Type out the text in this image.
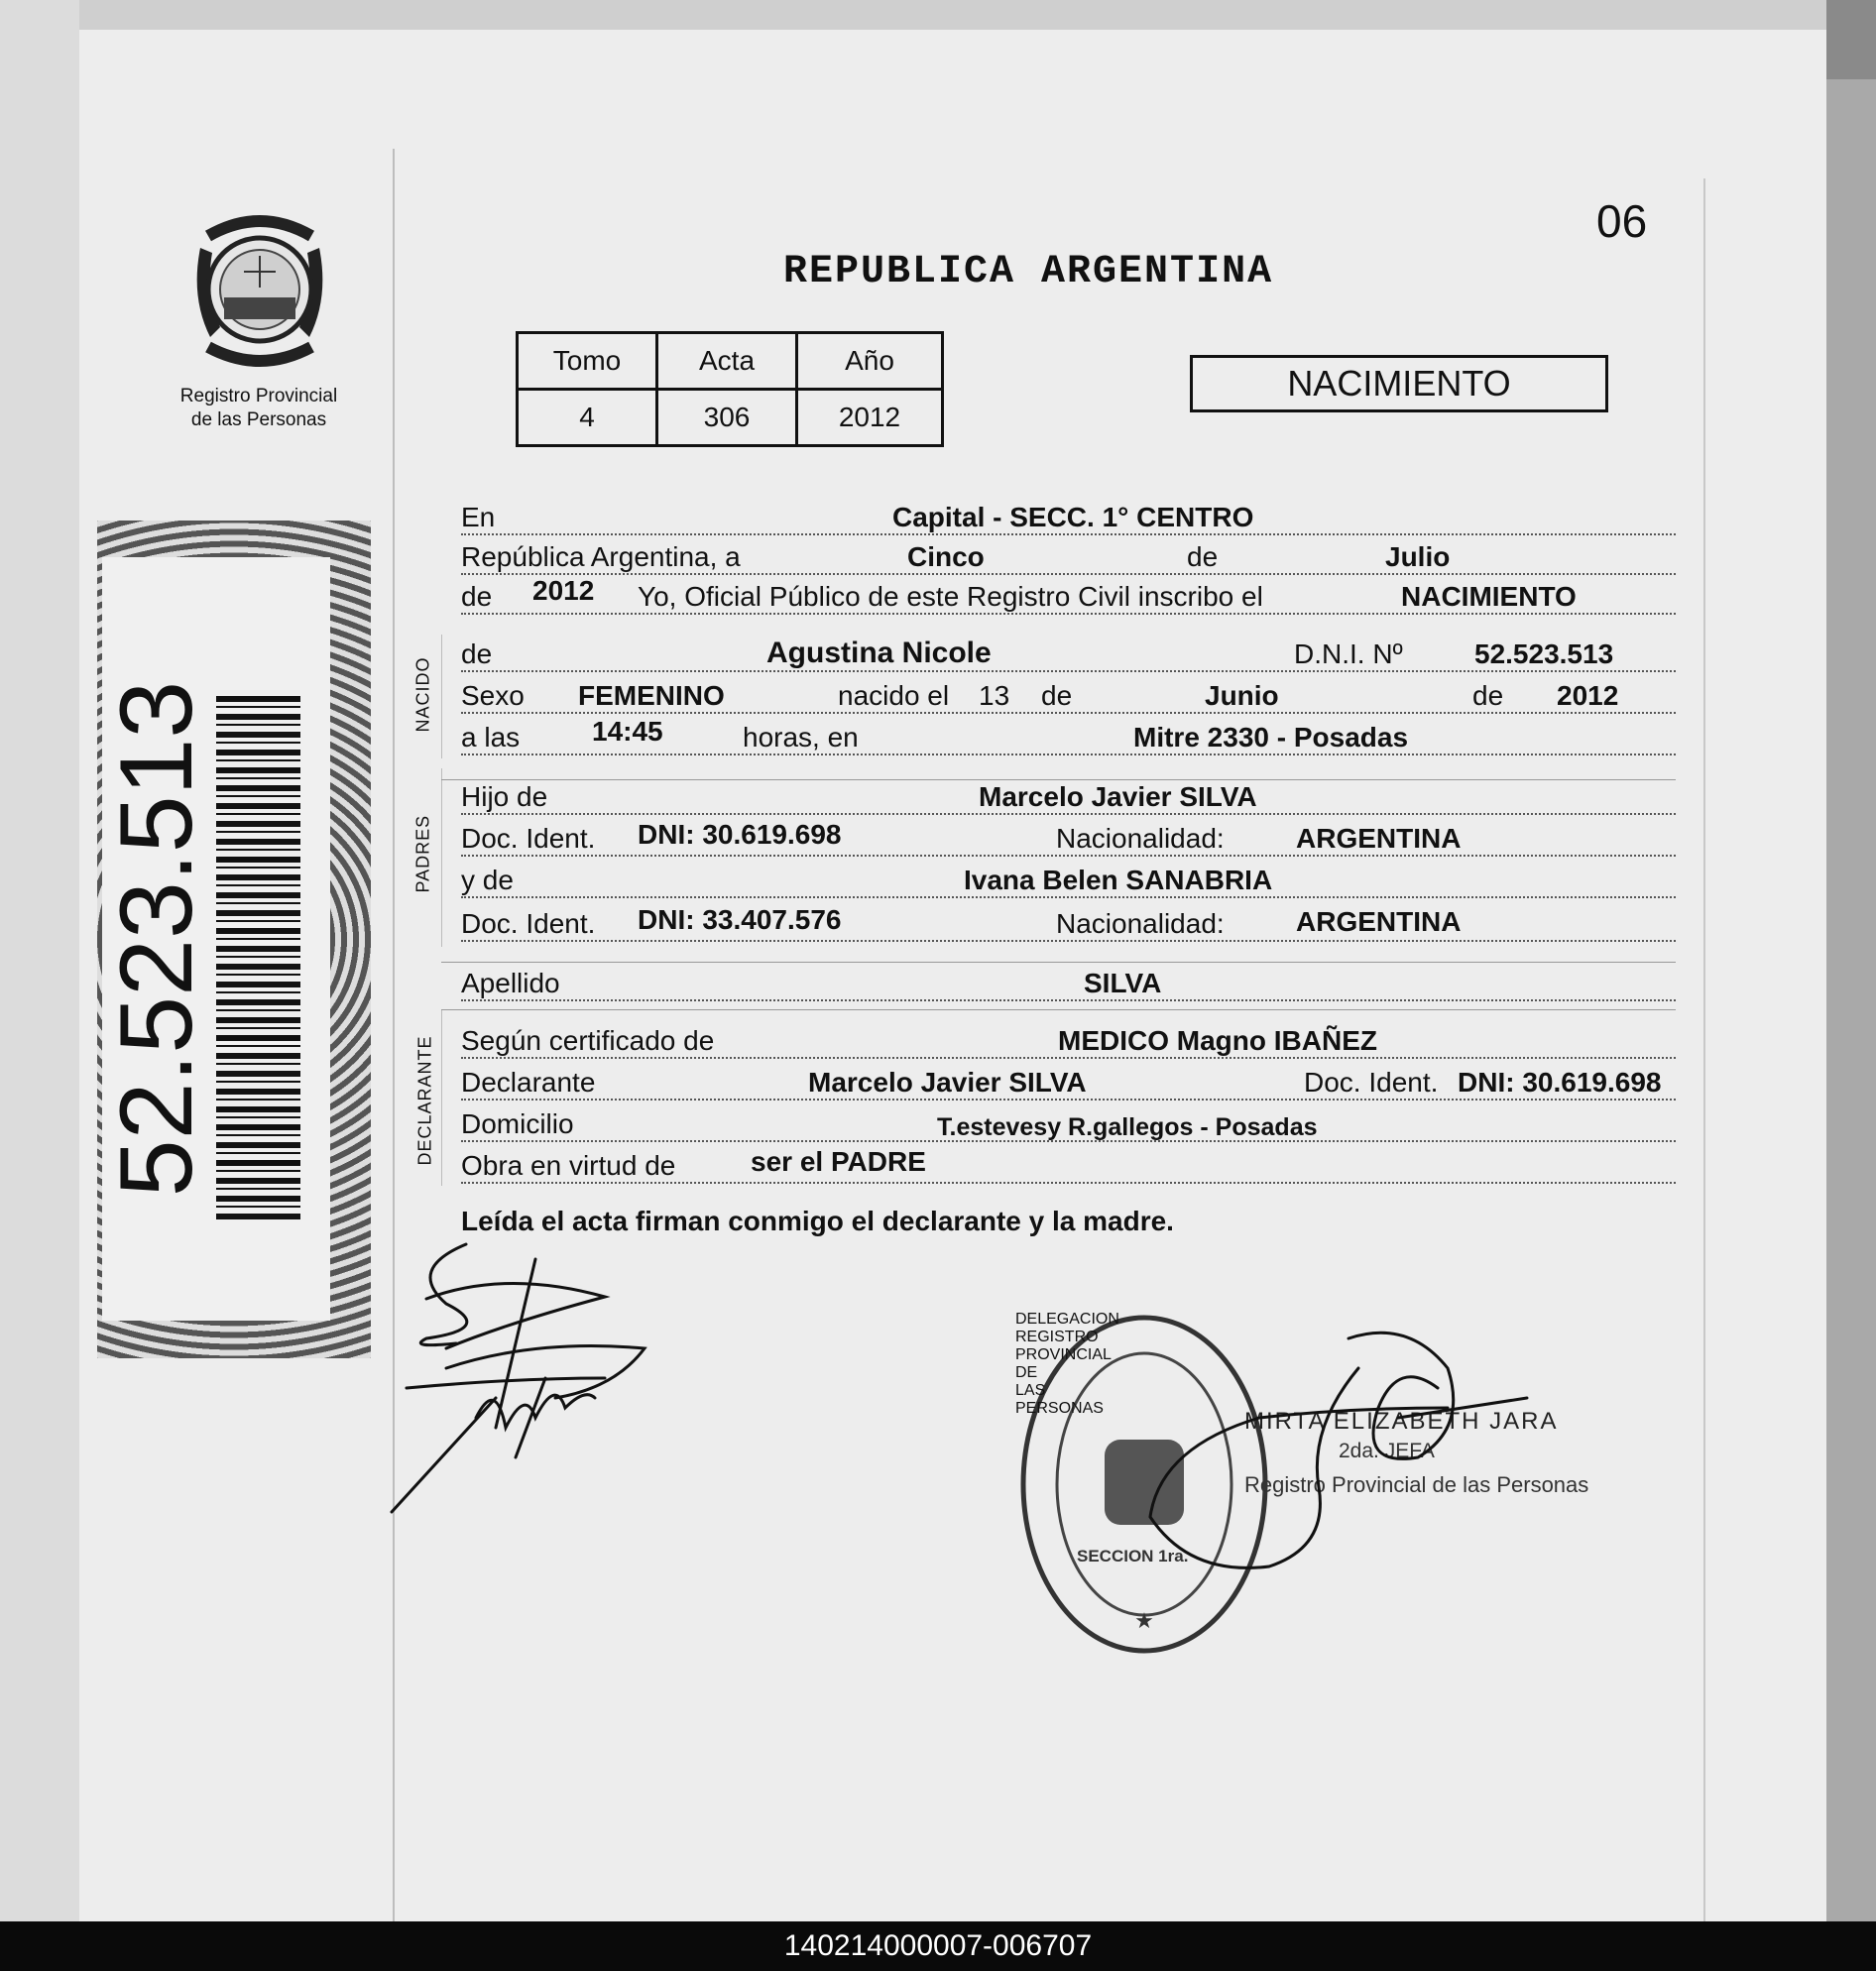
Registro Provincial
de las Personas
52.523.513
06
REPUBLICA ARGENTINA
Tomo	Acta	Año
4	306	2012
NACIMIENTO
NACIDO
PADRES
DECLARANTE
En	Capital - SECC. 1° CENTRO
República Argentina, a	Cinco	de	Julio
de 2012 Yo, Oficial Público de este Registro Civil inscribo el	NACIMIENTO
de	Agustina Nicole	D.N.I. Nº	52.523.513
Sexo FEMENINO	nacido el 13 de	Junio	de 2012
a las	14:45	horas, en	Mitre 2330 - Posadas
Hijo de	Marcelo Javier SILVA
Doc. Ident. DNI: 30.619.698	Nacionalidad:	ARGENTINA
y de	Ivana Belen SANABRIA
Doc. Ident. DNI: 33.407.576	Nacionalidad:	ARGENTINA
Apellido	SILVA
Según certificado de	MEDICO Magno IBAÑEZ
Declarante	Marcelo Javier SILVA	Doc. Ident. DNI: 30.619.698
Domicilio	T.estevesy R.gallegos - Posadas
Obra en virtud de	ser el PADRE
Leída el acta firman conmigo el declarante y la madre.
★
SECCION 1ra.
DELEGACION REGISTRO PROVINCIAL DE LAS PERSONAS	MIRTA ELIZABETH JARA
2da. JEFA
Registro Provincial de las Personas
140214000007-006707
